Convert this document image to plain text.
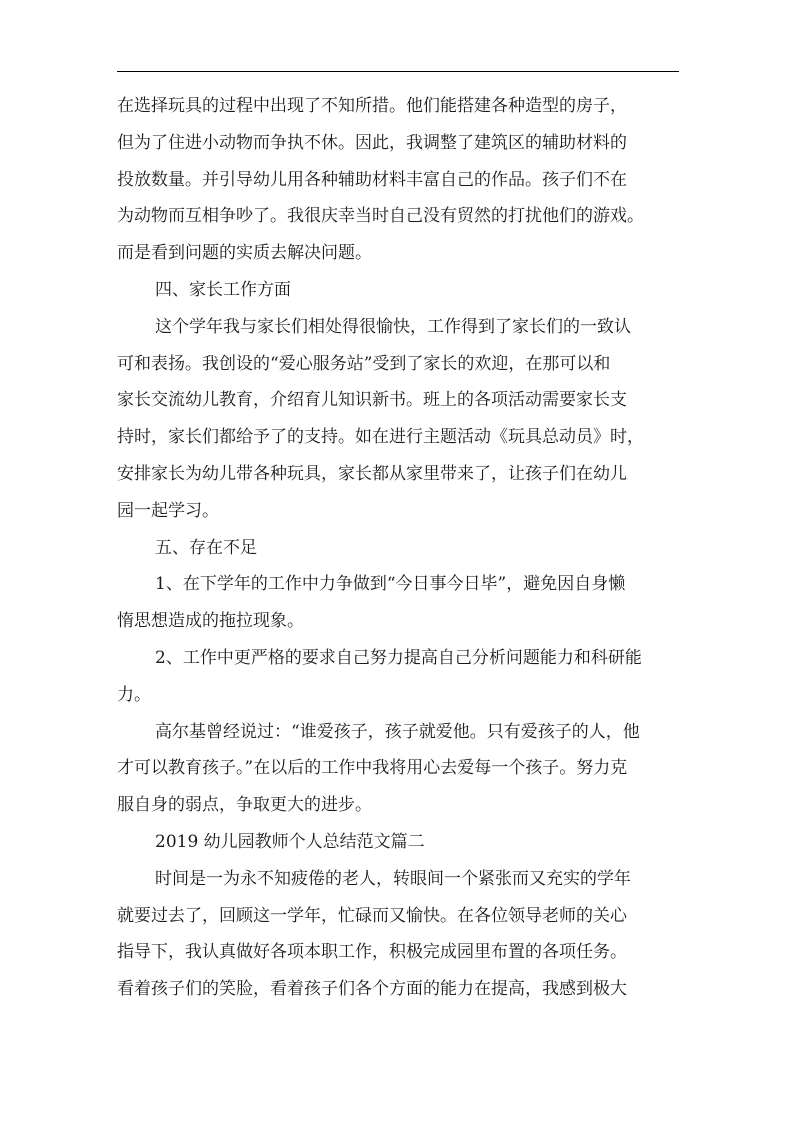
在选择玩具的过程中出现了不知所措。他们能搭建各种造型的房子，
但为了住进小动物而争执不休。因此，我调整了建筑区的辅助材料的
投放数量。并引导幼儿用各种辅助材料丰富自己的作品。孩子们不在
为动物而互相争吵了。我很庆幸当时自己没有贸然的打扰他们的游戏。
而是看到问题的实质去解决问题。
四、家长工作方面
这个学年我与家长们相处得很愉快，工作得到了家长们的一致认
可和表扬。我创设的“爱心服务站”受到了家长的欢迎，在那可以和
家长交流幼儿教育，介绍育儿知识新书。班上的各项活动需要家长支
持时，家长们都给予了的支持。如在进行主题活动《玩具总动员》时，
安排家长为幼儿带各种玩具，家长都从家里带来了，让孩子们在幼儿
园一起学习。
五、存在不足
1、在下学年的工作中力争做到“今日事今日毕”，避免因自身懒
惰思想造成的拖拉现象。
2、工作中更严格的要求自己努力提高自己分析问题能力和科研能
力。
高尔基曾经说过：“谁爱孩子，孩子就爱他。只有爱孩子的人，他
才可以教育孩子。”在以后的工作中我将用心去爱每一个孩子。努力克
服自身的弱点，争取更大的进步。
2019 幼儿园教师个人总结范文篇二
时间是一为永不知疲倦的老人，转眼间一个紧张而又充实的学年
就要过去了，回顾这一学年，忙碌而又愉快。在各位领导老师的关心
指导下，我认真做好各项本职工作，积极完成园里布置的各项任务。
看着孩子们的笑脸，看着孩子们各个方面的能力在提高，我感到极大
